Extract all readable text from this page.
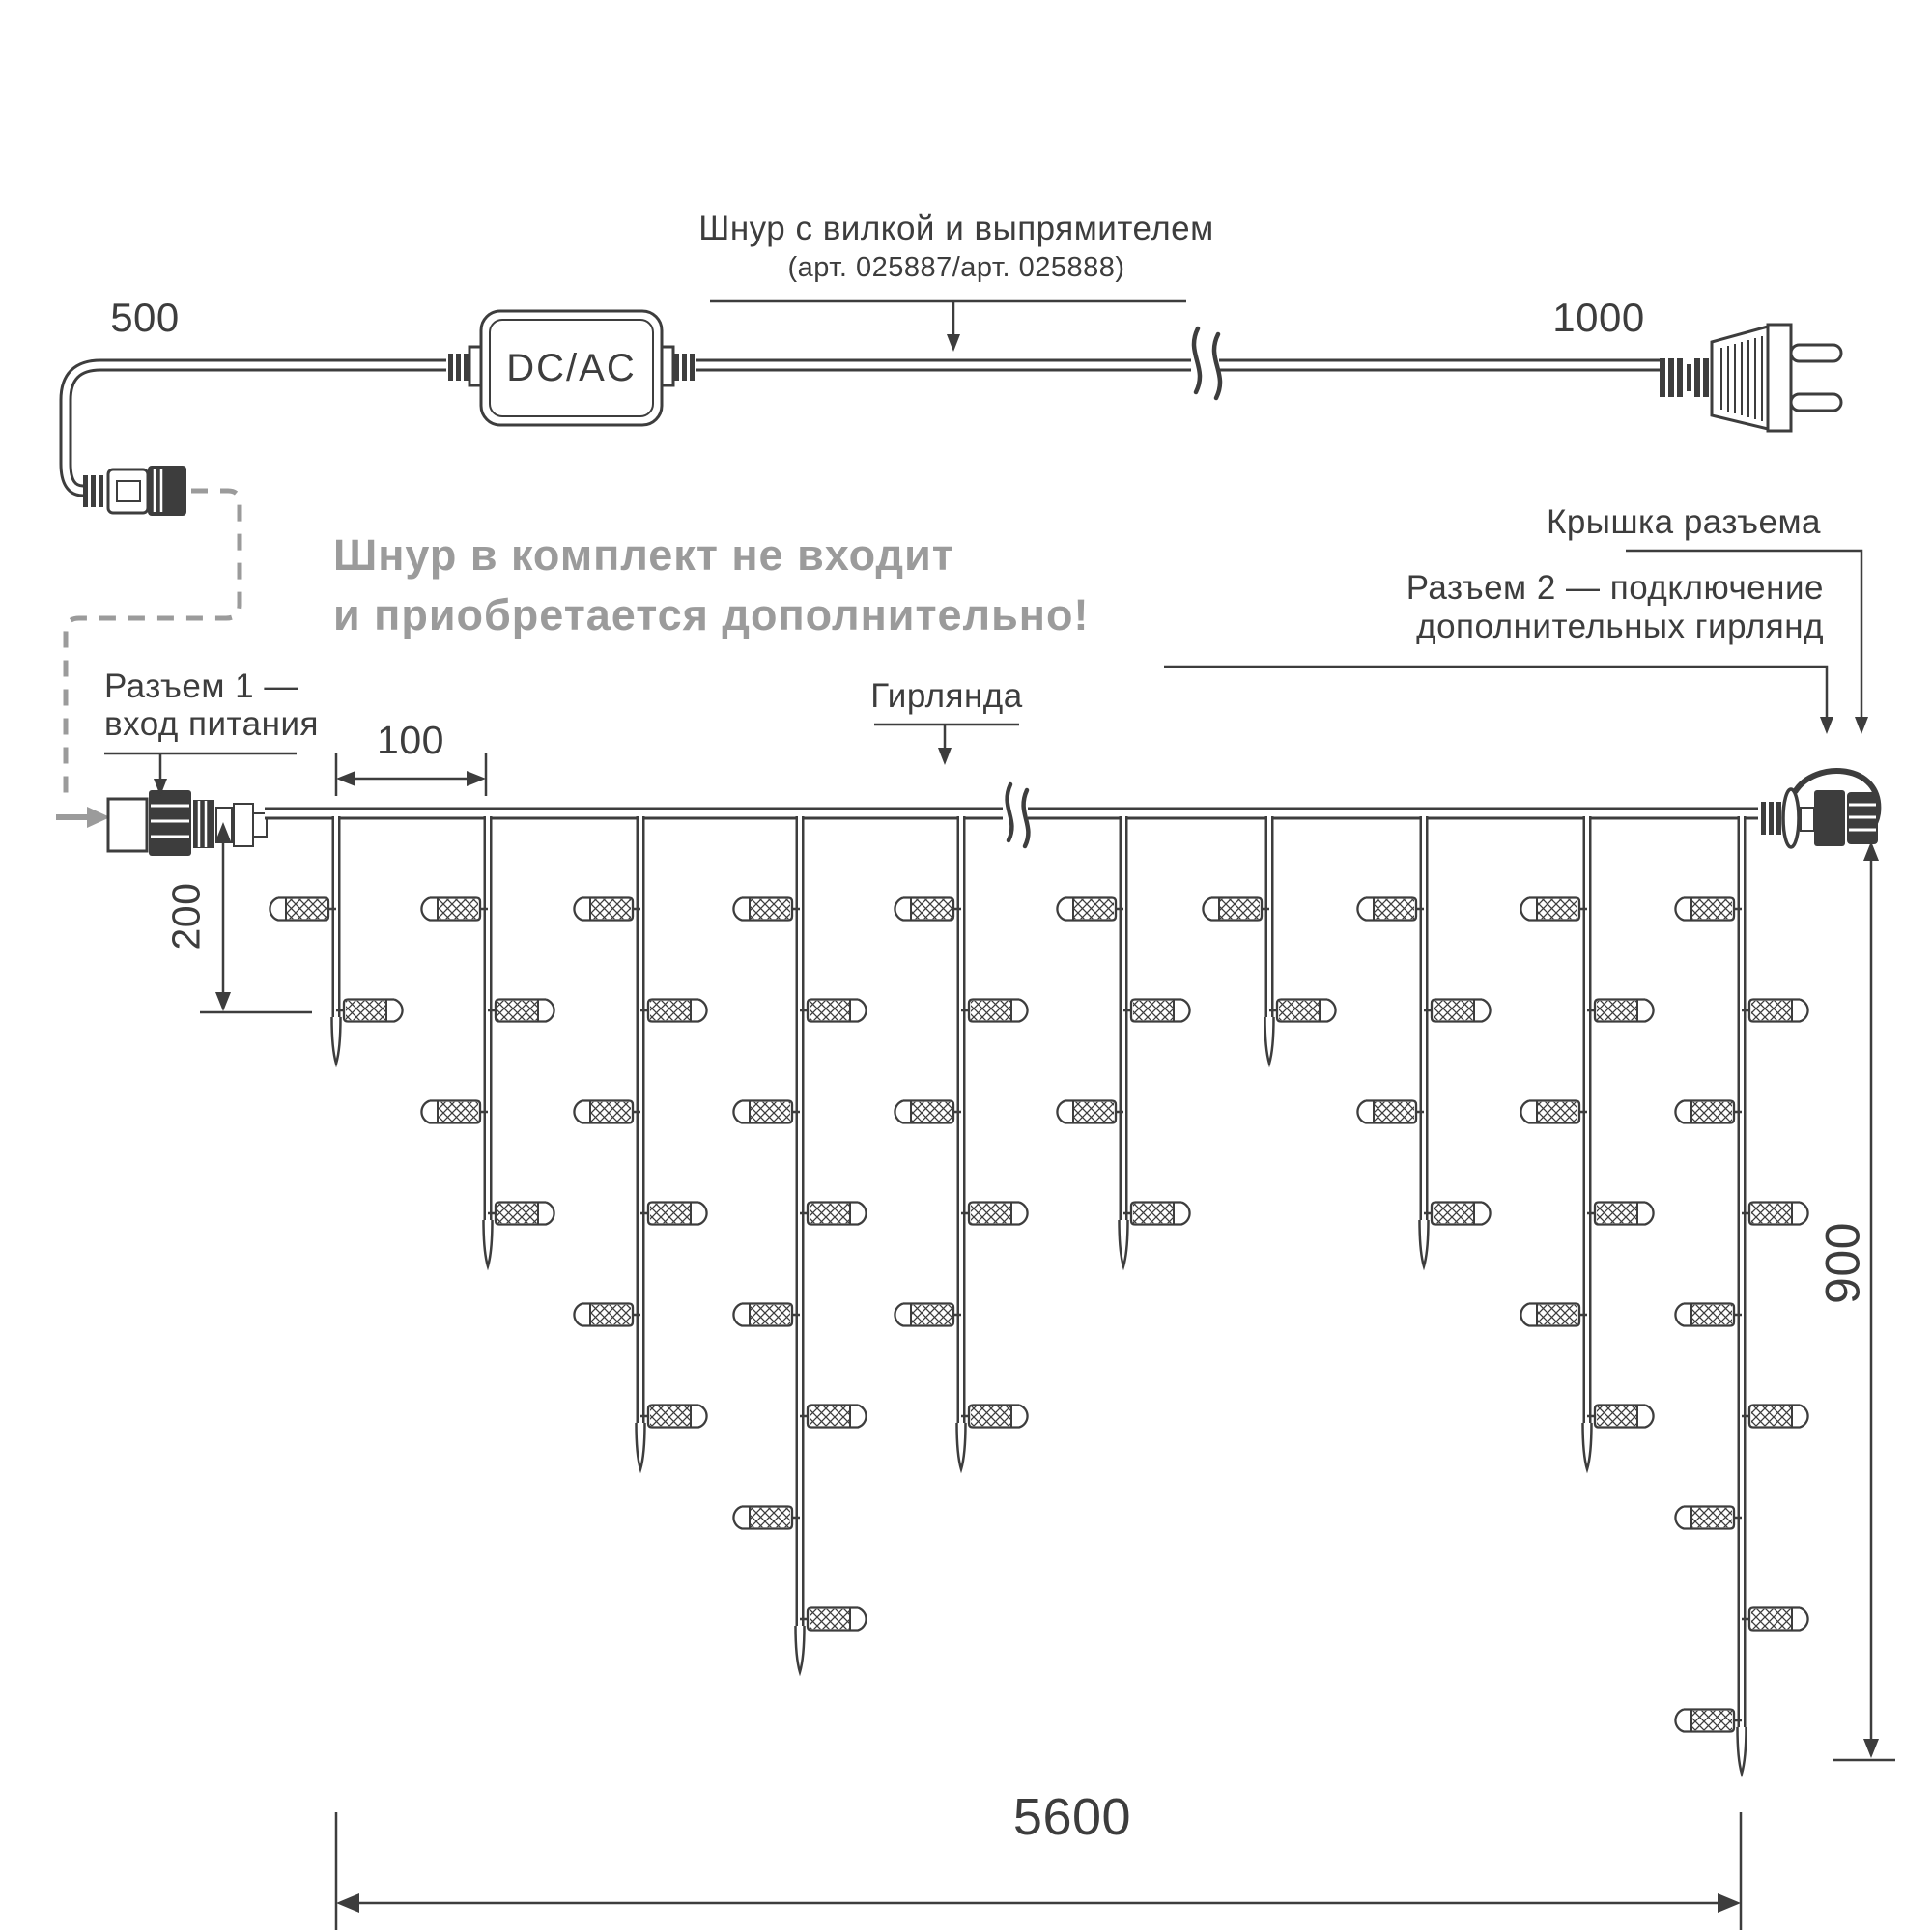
Шнур с вилкой и выпрямителем
(арт. 025887/арт. 025888)
500	1000
DC/AC
Шнур в комплект не входит
и приобретается дополнительно!
Разъем 1 —
вход питания
Гирлянда
Крышка разъема
Разъем 2 — подключение
дополнительных гирлянд
100
200
900
5600
